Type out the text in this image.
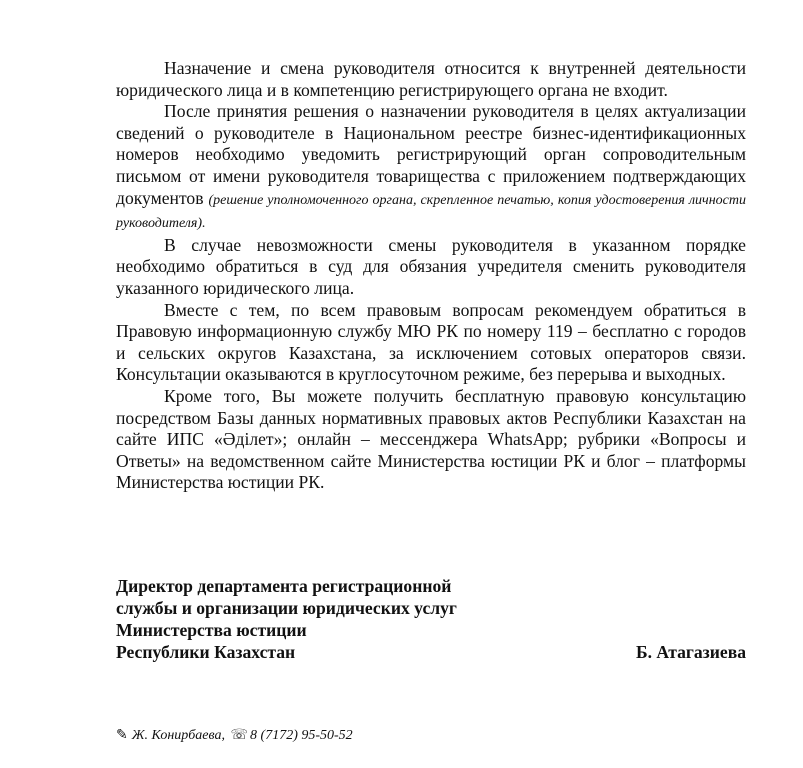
Назначение и смена руководителя относится к внутренней деятельности юридического лица и в компетенцию регистрирующего органа не входит.

После принятия решения о назначении руководителя в целях актуализации сведений о руководителе в Национальном реестре бизнес-идентификационных номеров необходимо уведомить регистрирующий орган сопроводительным письмом от имени руководителя товарищества с приложением подтверждающих документов (решение уполномоченного органа, скрепленное печатью, копия удостоверения личности руководителя).

В случае невозможности смены руководителя в указанном порядке необходимо обратиться в суд для обязания учредителя сменить руководителя указанного юридического лица.

Вместе с тем, по всем правовым вопросам рекомендуем обратиться в Правовую информационную службу МЮ РК по номеру 119 – бесплатно с городов и сельских округов Казахстана, за исключением сотовых операторов связи. Консультации оказываются в круглосуточном режиме, без перерыва и выходных.

Кроме того, Вы можете получить бесплатную правовую консультацию посредством Базы данных нормативных правовых актов Республики Казахстан на сайте ИПС «Әділет»; онлайн – мессенджера WhatsApp; рубрики «Вопросы и Ответы» на ведомственном сайте Министерства юстиции РК и блог – платформы Министерства юстиции РК.

Директор департамента регистрационной
службы и организации юридических услуг
Министерства юстиции
Республики Казахстан	Б. Атагазиева
✎ Ж. Конирбаева, ☏ 8 (7172) 95-50-52
